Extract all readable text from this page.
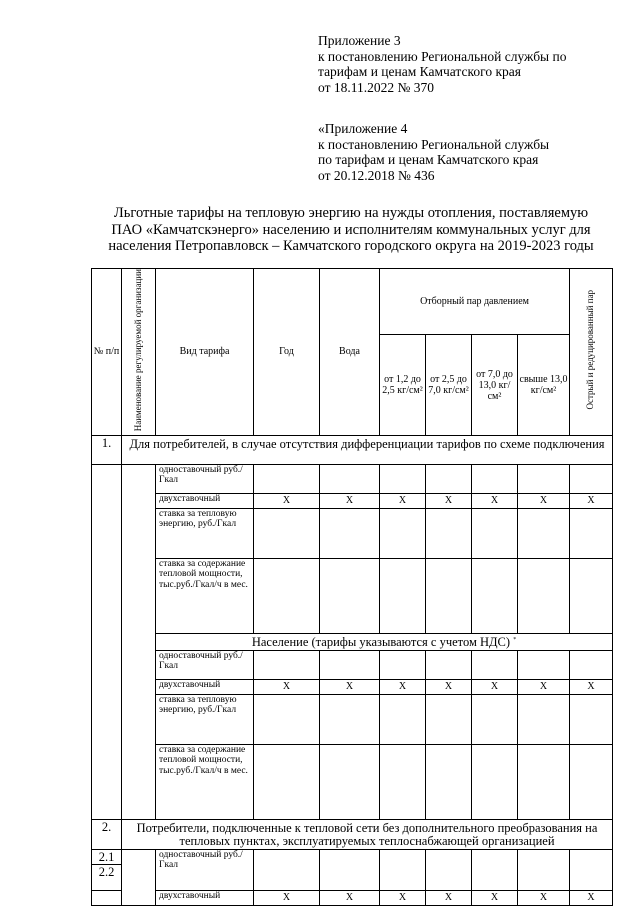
Приложение 3
к постановлению Региональной службы по
тарифам и ценам Камчатского края
от 18.11.2022 № 370
«Приложение 4
к постановлению Региональной службы
по тарифам и ценам Камчатского края
от 20.12.2018 № 436
Льготные тарифы на тепловую энергию на нужды отопления, поставляемую
ПАО «Камчатскэнерго» населению и исполнителям коммунальных услуг для
населения Петропавловск – Камчатского городского округа на 2019-2023 годы
№ п/п	Наименование регулируемой организации	Вид тарифа	Год	Вода	Отборный пар давлением				Острый и редуцированный пар
					от 1,2 до 2,5 кг/см²	от 2,5 до 7,0 кг/см²	от 7,0 до 13,0 кг/см²	свыше 13,0 кг/см²	
1.	Для потребителей, в случае отсутствия дифференциации тарифов по схеме подключения								
		одноставочный руб./Гкал							
		двухставочный	Х	Х	Х	Х	Х	Х	Х
		ставка за тепловую энергию, руб./Гкал							
		ставка за содержание тепловой мощности, тыс.руб./Гкал/ч в мес.							
		Население (тарифы указываются с учетом НДС) *
		одноставочный руб./Гкал							
		двухставочный	Х	Х	Х	Х	Х	Х	Х
		ставка за тепловую энергию, руб./Гкал							
		ставка за содержание тепловой мощности, тыс.руб./Гкал/ч в мес.							
2.	Потребители, подключенные к тепловой сети без дополнительного преобразования на тепловых пунктах, эксплуатируемых теплоснабжающей организацией								
2.1		одноставочный руб./Гкал							
2.2									
		двухставочный	Х	Х	Х	Х	Х	Х	Х
